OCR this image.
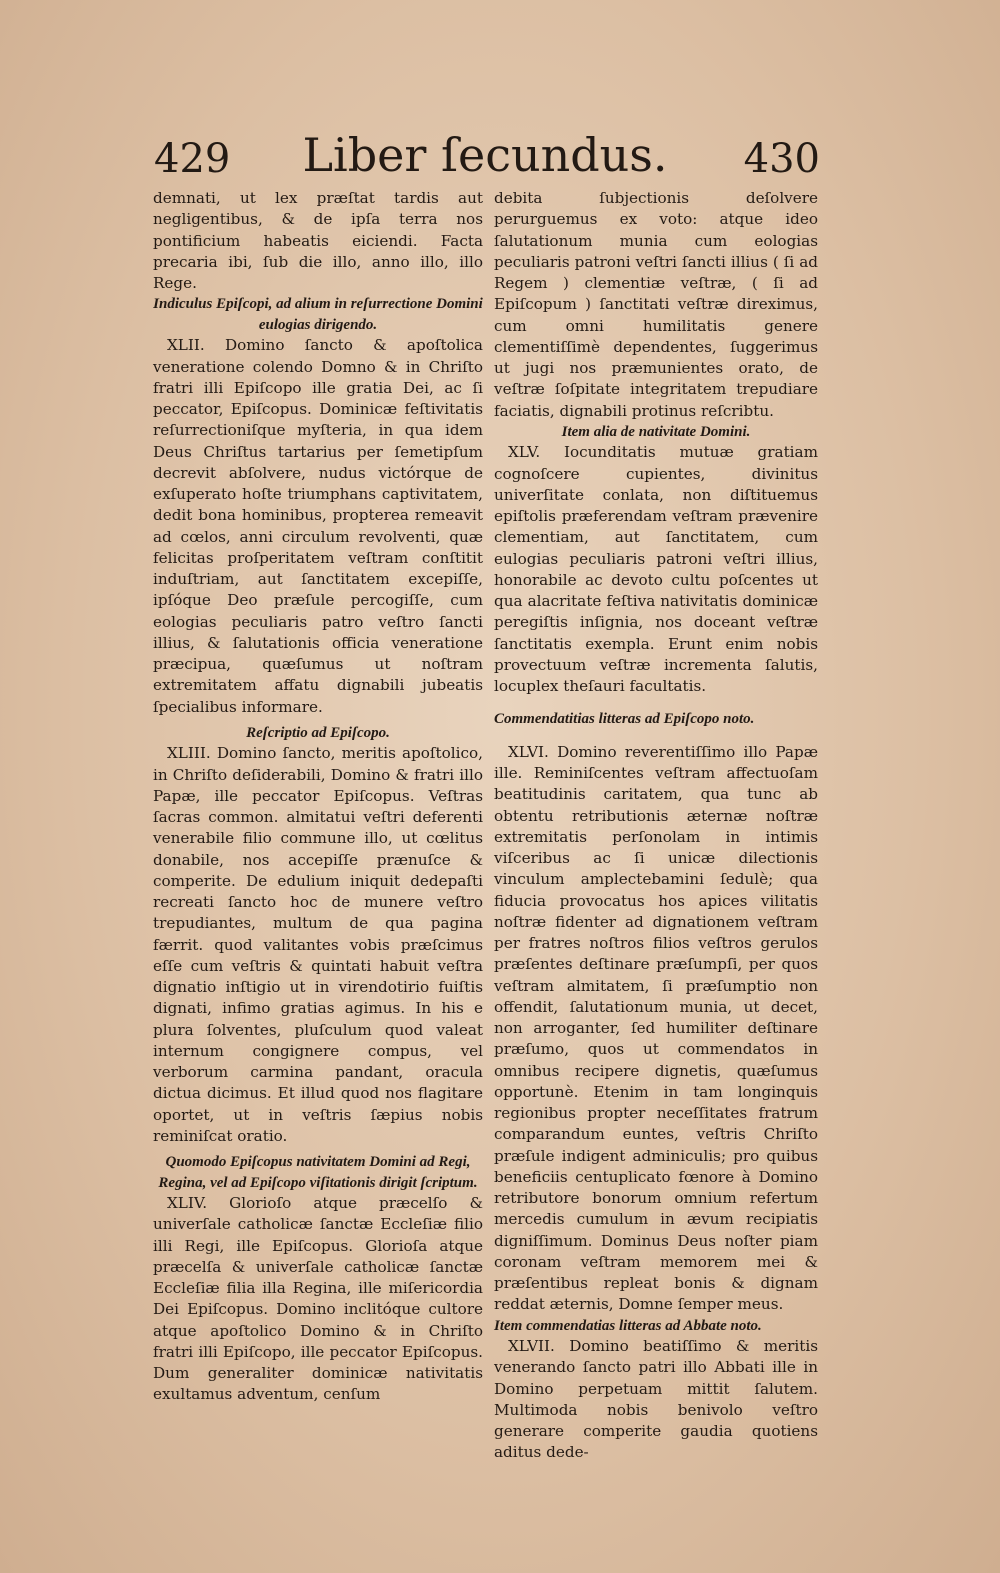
429	Liber ſecundus.	430

demnati, ut lex præſtat tardis aut negligentibus, & de ipſa terra nos pontificium habeatis eiciendi. Facta precaria ibi, ſub die illo, anno illo, illo Rege.

Indiculus Epiſcopi, ad alium in reſurrectione Domini eulogias dirigendo.

XLII. Domino ſancto & apoſtolica veneratione colendo Domno & in Chriſto fratri illi Epiſcopo ille gratia Dei, ac ſi peccator, Epiſcopus. Dominicæ feſtivitatis reſurrectioniſque myſteria, in qua idem Deus Chriſtus tartarius per ſemetipſum decrevit abſolvere, nudus victórque de exſuperato hoſte triumphans captivitatem, dedit bona hominibus, propterea remeavit ad cœlos, anni circulum revolventi, quæ felicitas proſperitatem veſtram conſtitit induſtriam, aut ſanctitatem excepiſſe, ipſóque Deo præſule percogiſſe, cum eologias peculiaris patro veſtro ſancti illius, & ſalutationis officia veneratione præcipua, quæſumus ut noſtram extremitatem affatu dignabili jubeatis ſpecialibus informare.

Reſcriptio ad Epiſcopo.

XLIII. Domino ſancto, meritis apoſtolico, in Chriſto deſiderabili, Domino & fratri illo Papæ, ille peccator Epiſcopus. Veſtras ſacras common. almitatui veſtri deferenti venerabile filio commune illo, ut cœlitus donabile, nos accepiſſe prænuſce & comperite. De edulium iniquit dedepaſti recreati ſancto hoc de munere veſtro trepudiantes, multum de qua pagina færrit. quod valitantes vobis præſcimus eſſe cum veſtris & quintati habuit veſtra dignatio inſtigio ut in virendotirio fuiſtis dignati, infimo gratias agimus. In his e plura ſolventes, pluſculum quod valeat internum congignere compus, vel verborum carmina pandant, oracula dictua dicimus. Et illud quod nos flagitare oportet, ut in veſtris ſæpius nobis reminiſcat oratio.

Quomodo Epiſcopus nativitatem Domini ad Regi, Regina, vel ad Epiſcopo viſitationis dirigit ſcriptum.

XLIV. Glorioſo atque præcelſo & univerſale catholicæ ſanctæ Eccleſiæ filio illi Regi, ille Epiſcopus. Glorioſa atque præcelſa & univerſale catholicæ ſanctæ Eccleſiæ filia illa Regina, ille miſericordia Dei Epiſcopus. Domino inclitóque cultore atque apoſtolico Domino & in Chriſto fratri illi Epiſcopo, ille peccator Epiſcopus. Dum generaliter dominicæ nativitatis exultamus adventum, cenſum

debita ſubjectionis deſolvere perurguemus ex voto: atque ideo ſalutationum munia cum eologias peculiaris patroni veſtri ſancti illius ( ſi ad Regem ) clementiæ veſtræ, ( ſi ad Epiſcopum ) ſanctitati veſtræ direximus, cum omni humilitatis genere clementiſſimè dependentes, ſuggerimus ut jugi nos præmunientes orato, de veſtræ ſoſpitate integritatem trepudiare faciatis, dignabili protinus reſcribtu.

Item alia de nativitate Domini.

XLV. Iocunditatis mutuæ gratiam cognoſcere cupientes, divinitus univerſitate conlata, non diſtituemus epiſtolis præferendam veſtram prævenire clementiam, aut ſanctitatem, cum eulogias peculiaris patroni veſtri illius, honorabile ac devoto cultu poſcentes ut qua alacritate feſtiva nativitatis dominicæ peregiſtis inſignia, nos doceant veſtræ ſanctitatis exempla. Erunt enim nobis provectuum veſtræ incrementa ſalutis, locuplex theſauri facultatis.

Commendatitias litteras ad Epiſcopo noto.

XLVI. Domino reverentiſſimo illo Papæ ille. Reminiſcentes veſtram affectuoſam beatitudinis caritatem, qua tunc ab obtentu retributionis æternæ noſtræ extremitatis perſonolam in intimis viſceribus ac ſi unicæ dilectionis vinculum amplectebamini ſedulè; qua fiducia provocatus hos apices vilitatis noſtræ fidenter ad dignationem veſtram per fratres noſtros filios veſtros gerulos præſentes deſtinare præſumpſi, per quos veſtram almitatem, ſi præſumptio non offendit, ſalutationum munia, ut decet, non arroganter, ſed humiliter deſtinare præſumo, quos ut commendatos in omnibus recipere dignetis, quæſumus opportunè. Etenim in tam longinquis regionibus propter neceſſitates fratrum comparandum euntes, veſtris Chriſto præſule indigent adminiculis; pro quibus beneficiis centuplicato fœnore à Domino retributore bonorum omnium refertum mercedis cumulum in ævum recipiatis digniſſimum. Dominus Deus noſter piam coronam veſtram memorem mei & præſentibus repleat bonis & dignam reddat æternis, Domne ſemper meus.

Item commendatias litteras ad Abbate noto.

XLVII. Domino beatiſſimo & meritis venerando ſancto patri illo Abbati ille in Domino perpetuam mittit ſalutem. Multimoda nobis benivolo veſtro generare comperite gaudia quotiens aditus dede-
